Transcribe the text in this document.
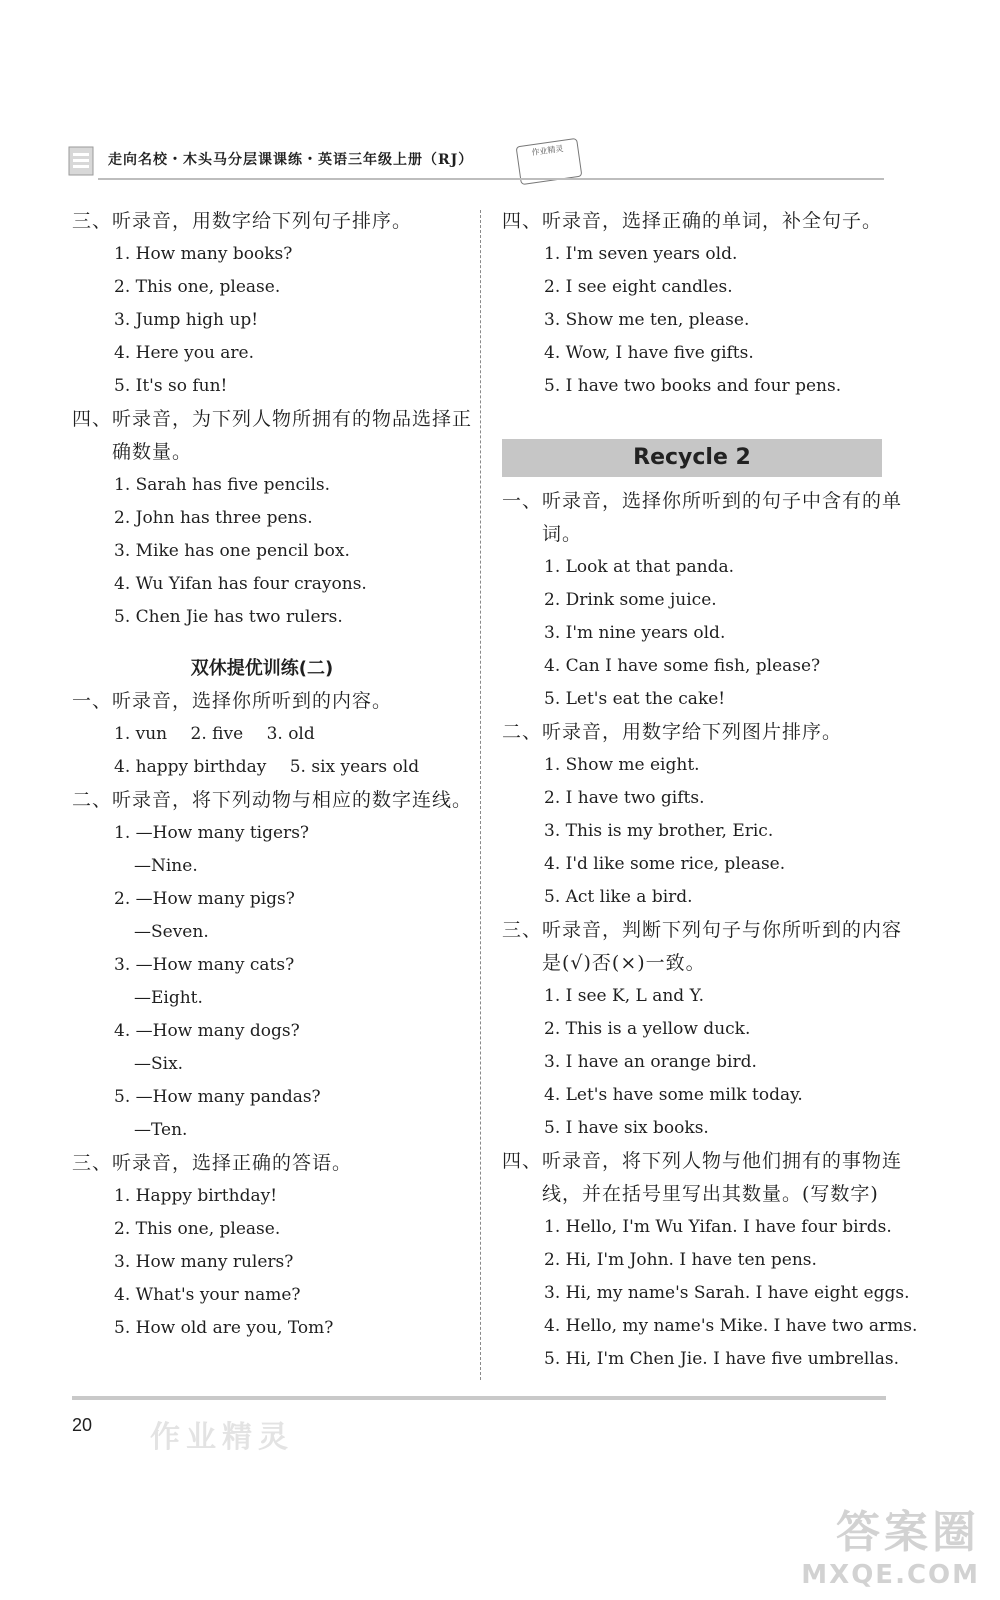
走向名校・木头马分层课课练・英语三年级上册（RJ）
作业精灵
三、听录音，用数字给下列句子排序。
1. How many books?
2. This one, please.
3. Jump high up!
4. Here you are.
5. It's so fun!
四、听录音，为下列人物所拥有的物品选择正确数量。
1. Sarah has five pencils.
2. John has three pens.
3. Mike has one pencil box.
4. Wu Yifan has four crayons.
5. Chen Jie has two rulers.
双休提优训练(二)
一、听录音，选择你所听到的内容。
1. vun 2. five 3. old
4. happy birthday 5. six years old
二、听录音，将下列动物与相应的数字连线。
1. —How many tigers?
—Nine.
2. —How many pigs?
—Seven.
3. —How many cats?
—Eight.
4. —How many dogs?
—Six.
5. —How many pandas?
—Ten.
三、听录音，选择正确的答语。
1. Happy birthday!
2. This one, please.
3. How many rulers?
4. What's your name?
5. How old are you, Tom?
四、听录音，选择正确的单词，补全句子。
1. I'm seven years old.
2. I see eight candles.
3. Show me ten, please.
4. Wow, I have five gifts.
5. I have two books and four pens.
Recycle 2
一、听录音，选择你所听到的句子中含有的单词。
1. Look at that panda.
2. Drink some juice.
3. I'm nine years old.
4. Can I have some fish, please?
5. Let's eat the cake!
二、听录音，用数字给下列图片排序。
1. Show me eight.
2. I have two gifts.
3. This is my brother, Eric.
4. I'd like some rice, please.
5. Act like a bird.
三、听录音，判断下列句子与你所听到的内容是(√)否(×)一致。
1. I see K, L and Y.
2. This is a yellow duck.
3. I have an orange bird.
4. Let's have some milk today.
5. I have six books.
四、听录音，将下列人物与他们拥有的事物连线，并在括号里写出其数量。(写数字)
1. Hello, I'm Wu Yifan. I have four birds.
2. Hi, I'm John. I have ten pens.
3. Hi, my name's Sarah. I have eight eggs.
4. Hello, my name's Mike. I have two arms.
5. Hi, I'm Chen Jie. I have five umbrellas.
20 作业精灵
答案圈
MXQE.COM
